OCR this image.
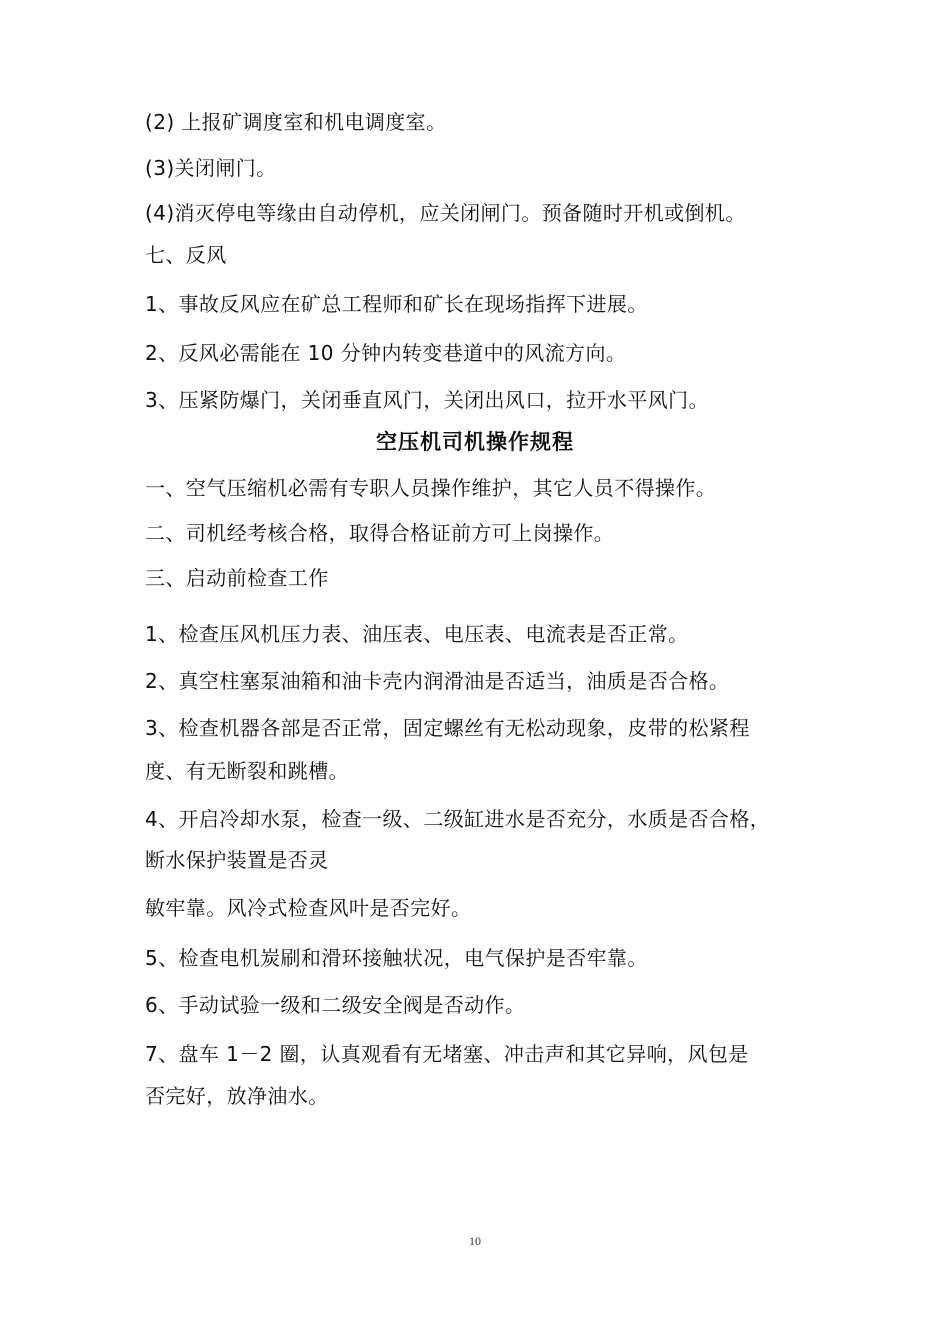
(2) 上报矿调度室和机电调度室。
(3)关闭闸门。
(4)消灭停电等缘由自动停机，应关闭闸门。预备随时开机或倒机。
七、反风
1、事故反风应在矿总工程师和矿长在现场指挥下进展。
2、反风必需能在 10 分钟内转变巷道中的风流方向。
3、压紧防爆门，关闭垂直风门，关闭出风口，拉开水平风门。
空压机司机操作规程
一、空气压缩机必需有专职人员操作维护，其它人员不得操作。
二、司机经考核合格，取得合格证前方可上岗操作。
三、启动前检查工作
1、检查压风机压力表、油压表、电压表、电流表是否正常。
2、真空柱塞泵油箱和油卡壳内润滑油是否适当，油质是否合格。
3、检查机器各部是否正常，固定螺丝有无松动现象，皮带的松紧程
度、有无断裂和跳槽。
4、开启冷却水泵，检查一级、二级缸进水是否充分，水质是否合格，
断水保护装置是否灵
敏牢靠。风冷式检查风叶是否完好。
5、检查电机炭刷和滑环接触状况，电气保护是否牢靠。
6、手动试验一级和二级安全阀是否动作。
7、盘车 1－2 圈，认真观看有无堵塞、冲击声和其它异响，风包是
否完好，放净油水。
10
